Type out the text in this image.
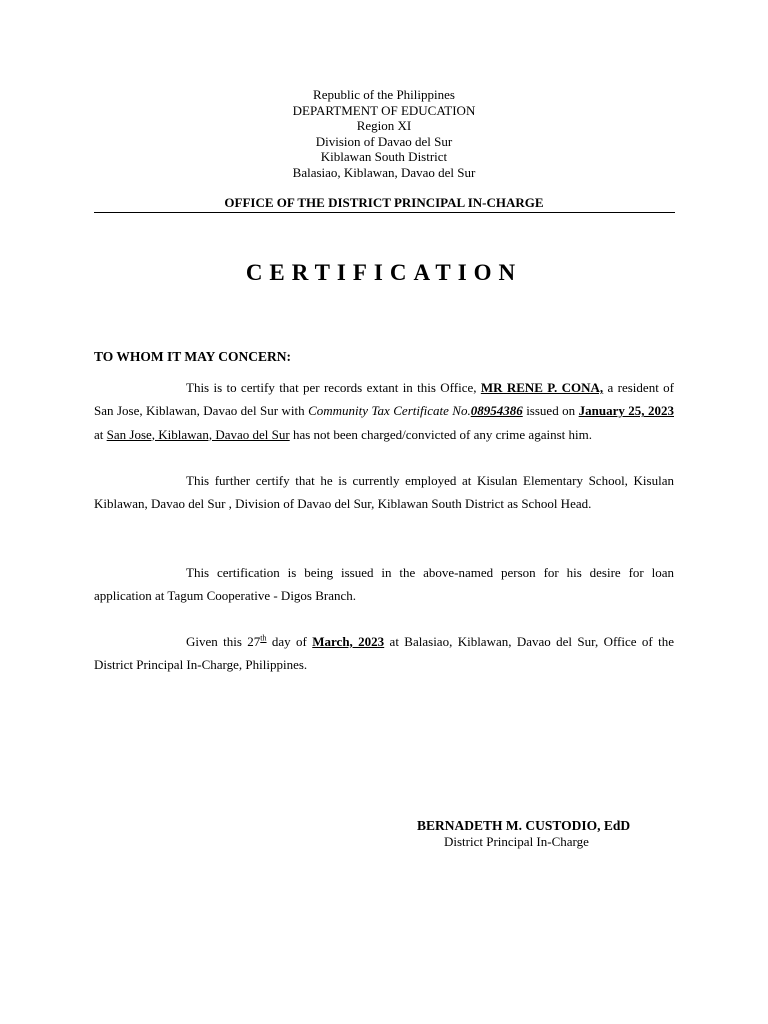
Republic of the Philippines
DEPARTMENT OF EDUCATION
Region XI
Division of Davao del Sur
Kiblawan South District
Balasiao, Kiblawan, Davao del Sur
OFFICE OF THE DISTRICT PRINCIPAL IN-CHARGE
CERTIFICATION
TO WHOM IT MAY CONCERN:
This is to certify that per records extant in this Office, MR RENE P. CONA, a resident of San Jose, Kiblawan, Davao del Sur with Community Tax Certificate No.08954386 issued on January 25, 2023 at San Jose, Kiblawan, Davao del Sur has not been charged/convicted of any crime against him.
This further certify that he is currently employed at Kisulan Elementary School, Kisulan Kiblawan, Davao del Sur , Division of Davao del Sur, Kiblawan South District as School Head.
This certification is being issued in the above-named person for his desire for loan application at Tagum Cooperative - Digos Branch.
Given this 27th day of March, 2023 at Balasiao, Kiblawan, Davao del Sur, Office of the District Principal In-Charge, Philippines.
BERNADETH M. CUSTODIO, EdD
District Principal In-Charge
